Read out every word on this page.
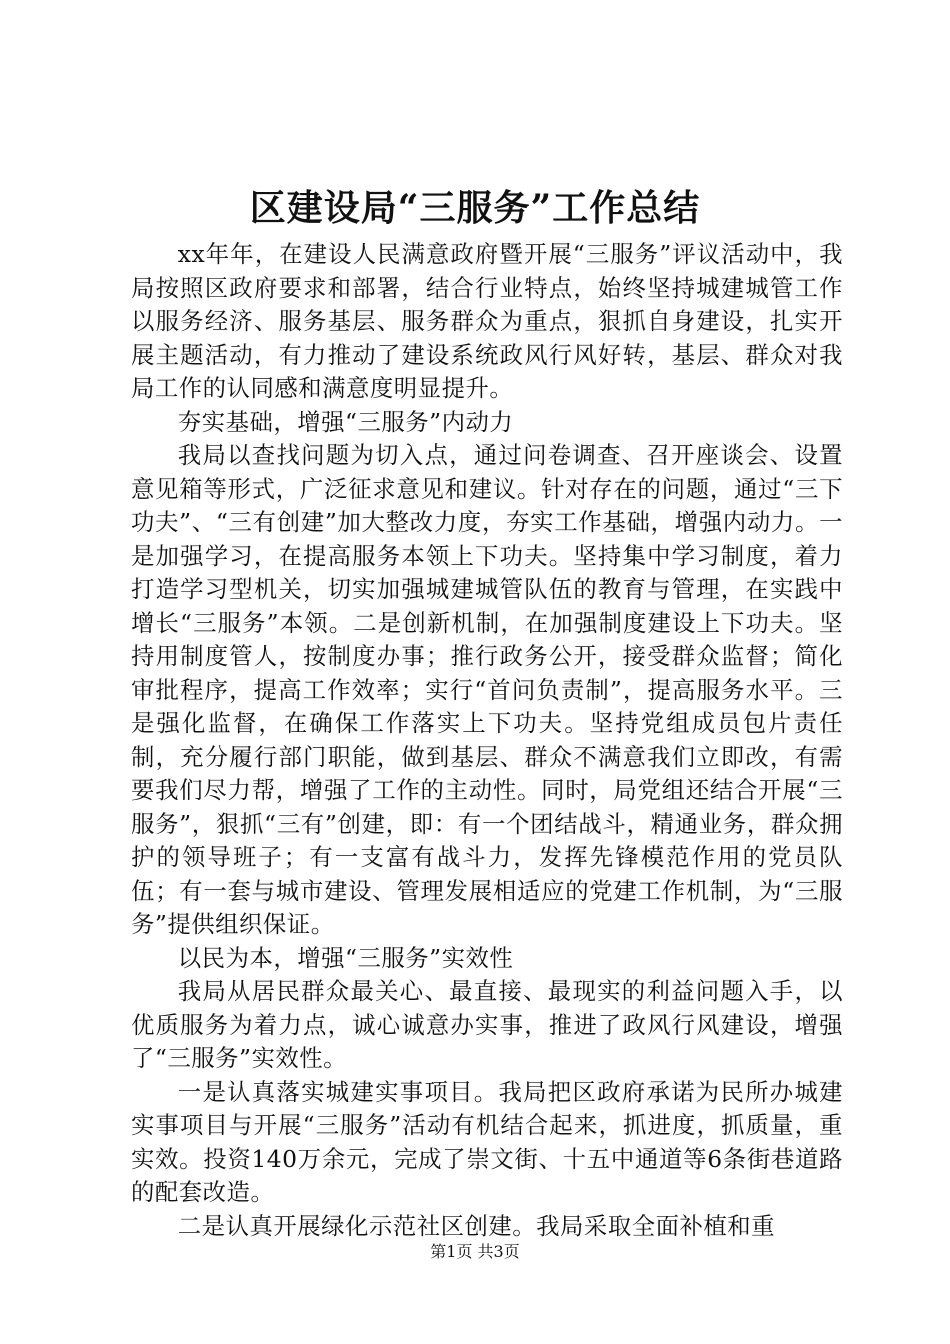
区建设局“三服务”工作总结

xx年年，在建设人民满意政府暨开展“三服务”评议活动中，我局按照区政府要求和部署，结合行业特点，始终坚持城建城管工作以服务经济、服务基层、服务群众为重点，狠抓自身建设，扎实开展主题活动，有力推动了建设系统政风行风好转，基层、群众对我局工作的认同感和满意度明显提升。

夯实基础，增强“三服务”内动力

我局以查找问题为切入点，通过问卷调查、召开座谈会、设置意见箱等形式，广泛征求意见和建议。针对存在的问题，通过“三下功夫”、“三有创建”加大整改力度，夯实工作基础，增强内动力。一是加强学习，在提高服务本领上下功夫。坚持集中学习制度，着力打造学习型机关，切实加强城建城管队伍的教育与管理，在实践中增长“三服务”本领。二是创新机制，在加强制度建设上下功夫。坚持用制度管人，按制度办事；推行政务公开，接受群众监督；简化审批程序，提高工作效率；实行“首问负责制”，提高服务水平。三是强化监督，在确保工作落实上下功夫。坚持党组成员包片责任制，充分履行部门职能，做到基层、群众不满意我们立即改，有需要我们尽力帮，增强了工作的主动性。同时，局党组还结合开展“三服务”，狠抓“三有”创建，即：有一个团结战斗，精通业务，群众拥护的领导班子；有一支富有战斗力，发挥先锋模范作用的党员队伍；有一套与城市建设、管理发展相适应的党建工作机制，为“三服务”提供组织保证。

以民为本，增强“三服务”实效性

我局从居民群众最关心、最直接、最现实的利益问题入手，以优质服务为着力点，诚心诚意办实事，推进了政风行风建设，增强了“三服务”实效性。

一是认真落实城建实事项目。我局把区政府承诺为民所办城建实事项目与开展“三服务”活动有机结合起来，抓进度，抓质量，重实效。投资140万余元，完成了崇文街、十五中通道等6条街巷道路的配套改造。

二是认真开展绿化示范社区创建。我局采取全面补植和重

第1页 共3页
